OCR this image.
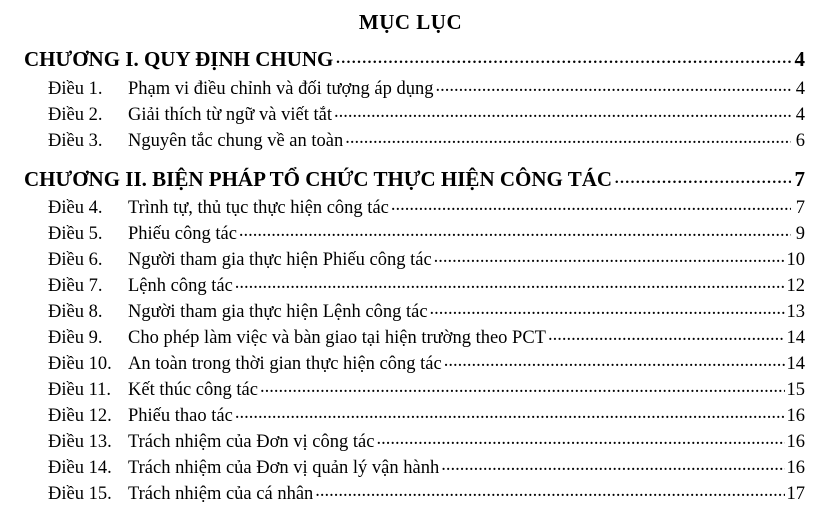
MỤC LỤC
CHƯƠNG I. QUY ĐỊNH CHUNG .....	4
Điều 1.	Phạm vi điều chỉnh và đối tượng áp dụng .....	4
Điều 2.	Giải thích từ ngữ và viết tắt .....	4
Điều 3.	Nguyên tắc chung về an toàn .....	6
CHƯƠNG II. BIỆN PHÁP TỔ CHỨC THỰC HIỆN CÔNG TÁC .....	7
Điều 4.	Trình tự, thủ tục thực hiện công tác .....	7
Điều 5.	Phiếu công tác .....	9
Điều 6.	Người tham gia thực hiện Phiếu công tác .....	10
Điều 7.	Lệnh công tác .....	12
Điều 8.	Người tham gia thực hiện Lệnh công tác .....	13
Điều 9.	Cho phép làm việc và bàn giao tại hiện trường theo PCT .....	14
Điều 10. An toàn trong thời gian thực hiện công tác .....	14
Điều 11. Kết thúc công tác .....	15
Điều 12. Phiếu thao tác .....	16
Điều 13. Trách nhiệm của Đơn vị công tác .....	16
Điều 14. Trách nhiệm của Đơn vị quản lý vận hành .....	16
Điều 15. Trách nhiệm của cá nhân .....	17
